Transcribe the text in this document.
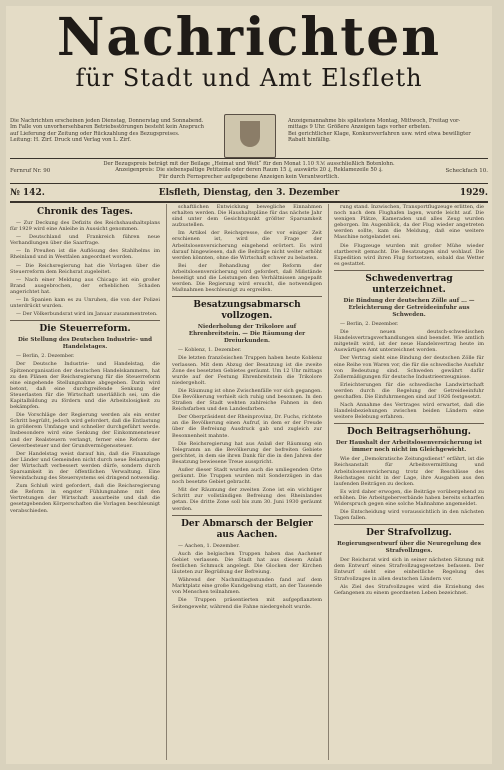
Nachrichten
für Stadt und Amt Elsfleth

Die Nachrichten erscheinen jeden Dienstag, Donnerstag und Sonnabend.

Im Falle von unvorhersehbaren Betriebsstörungen besteht kein Anspruch

auf Lieferung der Zeitung oder Rückzahlung des Bezugspreises.

Leitung: H. Zirf. Druck und Verlag von L. Zirf.

Anzeigenannahme bis spätestens Montag, Mittwoch, Freitag vor-

mittags 9 Uhr. Größere Anzeigen tags vorher erbeten.

Bei gerichtlicher Klage, Konkursverfahren usw. wird etwa bewilligter

Rabatt hinfällig.

Fernruf Nr. 90	Scheckfach 10.

Der Bezugspreis beträgt mit der Beilage „Heimat und Welt“ für den Monat 1.10 ℛℳ ausschließlich Botenlohn.

Anzeigenpreis: Die siebenspaltige Petitzeile oder deren Raum 15 ₰, auswärts 20 ₰, Reklamezeile 50 ₰.

Für durch Fernsprecher aufgegebene Anzeigen kein Verantwortlich.

№ 142.	Elsfleth, Dienstag, den 3. Dezember	1929.
Chronik des Tages.

— Zur Deckung des Defizits des Reichshaushaltsplans für 1929 wird eine Anleihe in Aussicht genommen.

— Deutschland und Frankreich führen neue Verhandlungen über die Saarfrage.

— In Preußen ist die Auflösung des Stahlhelms im Rheinland und in Westfalen angeordnet worden.

— Die Reichsregierung hat die Vorlagen über die Steuerreform dem Reichsrat zugeleitet.

— Nach einer Meldung aus Chicago ist ein großer Brand ausgebrochen, der erheblichen Schaden angerichtet hat.

— In Spanien kam es zu Unruhen, die von der Polizei unterdrückt wurden.

— Der Völkerbundsrat wird im Januar zusammentreten.

Die Steuerreform.
Die Stellung des Deutschen Industrie- und Handelstages.

— Berlin, 2. Dezember.

Der Deutsche Industrie- und Handelstag, die Spitzenorganisation der deutschen Handelskammern, hat zu den Plänen der Reichsregierung für die Steuerreform eine eingehende Stellungnahme abgegeben. Darin wird betont, daß eine durchgreifende Senkung der Steuerlasten für die Wirtschaft unerläßlich sei, um die Kapitalbildung zu fördern und die Arbeitslosigkeit zu bekämpfen.

Die Vorschläge der Regierung werden als ein erster Schritt begrüßt, jedoch wird gefordert, daß die Entlastung in größerem Umfange und schneller durchgeführt werde. Insbesondere wird eine Senkung der Einkommensteuer und der Realsteuern verlangt, ferner eine Reform der Gewerbesteuer und der Grundvermögenssteuer.

Der Handelstag weist darauf hin, daß die Finanzlage der Länder und Gemeinden nicht durch neue Belastungen der Wirtschaft verbessert werden dürfe, sondern durch Sparsamkeit in der öffentlichen Verwaltung. Eine Vereinfachung des Steuersystems sei dringend notwendig.

Zum Schluß wird gefordert, daß die Reichsregierung die Reform in engster Fühlungnahme mit den Vertretungen der Wirtschaft ausarbeite und daß die gesetzgebenden Körperschaften die Vorlagen beschleunigt verabschieden.

schaftlichen Entwicklung bewegliche Einnahmen erhalten werden. Die Haushaltspläne für das nächste Jahr sind unter dem Gesichtspunkt größter Sparsamkeit aufzustellen.

Im Artikel der Reichspresse, der vor einiger Zeit erschienen ist, wird die Frage der Arbeitslosenversicherung eingehend erörtert. Es wird darauf hingewiesen, daß die Beiträge nicht weiter erhöht werden könnten, ohne die Wirtschaft schwer zu belasten.

Bei der Behandlung der Reform der Arbeitslosenversicherung wird gefordert, daß Mißstände beseitigt und die Leistungen den Verhältnissen angepaßt werden. Die Regierung wird ersucht, die notwendigen Maßnahmen beschleunigt zu ergreifen.

Besatzungsabmarsch vollzogen.
Niederholung der Trikolore auf Ehrenbreitstein. — Die Räumung der Dreiurkunden.

— Koblenz, 1. Dezember.

Die letzten französischen Truppen haben heute Koblenz verlassen. Mit dem Abzug der Besatzung ist die zweite Zone des besetzten Gebietes geräumt. Um 12 Uhr mittags wurde auf der Festung Ehrenbreitstein die Trikolore niedergeholt.

Die Räumung ist ohne Zwischenfälle vor sich gegangen. Die Bevölkerung verhielt sich ruhig und besonnen. In den Straßen der Stadt wehten zahlreiche Fahnen in den Reichsfarben und den Landesfarben.

Der Oberpräsident der Rheinprovinz, Dr. Fuchs, richtete an die Bevölkerung einen Aufruf, in dem er der Freude über die Befreiung Ausdruck gab und zugleich zur Besonnenheit mahnte.

Die Reichsregierung hat aus Anlaß der Räumung ein Telegramm an die Bevölkerung der befreiten Gebiete gerichtet, in dem sie ihren Dank für die in den Jahren der Besatzung bewiesene Treue ausspricht.

Außer dieser Stadt wurden auch die umliegenden Orte geräumt. Die Truppen wurden mit Sonderzügen in das noch besetzte Gebiet gebracht.

Mit der Räumung der zweiten Zone ist ein wichtiger Schritt zur vollständigen Befreiung des Rheinlandes getan. Die dritte Zone soll bis zum 30. Juni 1930 geräumt werden.

Der Abmarsch der Belgier aus Aachen.

— Aachen, 1. Dezember.

Auch die belgischen Truppen haben das Aachener Gebiet verlassen. Die Stadt hat aus diesem Anlaß festlichen Schmuck angelegt. Die Glocken der Kirchen läuteten zur Begrüßung der Befreiung.

Während der Nachmittagsstunden fand auf dem Marktplatz eine große Kundgebung statt, an der Tausende von Menschen teilnahmen.

Die Truppen präsentierten mit aufgepflanztem Seitengewehr, während die Fahne niedergeholt wurde.

rung stand. Inzwischen, Transportflugzeuge erlitten, die noch nach dem Flughafen lagen, wurde leicht auf. Die wenigen Plätze, Kameraden und alles Zeug wurden geborgen. Im Augenblick, da der Flug wieder angetreten werden sollte, kam die Meldung, daß eine weitere Maschine notgelandet sei.

Die Flugzeuge wurden mit großer Mühe wieder startbereit gemacht. Die Besatzungen sind wohlauf. Die Expedition wird ihren Flug fortsetzen, sobald das Wetter es gestattet.

Schwedenvertrag unterzeichnet.
Die Bindung der deutschen Zölle auf ... — Erleichterung der Getreideeinfuhr aus Schweden.

— Berlin, 2. Dezember.

Die neuen deutsch-schwedischen Handelsvertragsverhandlungen sind beendet. Wie amtlich mitgeteilt wird, ist der neue Handelsvertrag heute im Auswärtigen Amt unterzeichnet worden.

Der Vertrag sieht eine Bindung der deutschen Zölle für eine Reihe von Waren vor, die für die schwedische Ausfuhr von Bedeutung sind. Schweden gewährt dafür Zollermäßigungen für deutsche Industrieerzeugnisse.

Erleichterungen für die schwedische Landwirtschaft werden durch die Regelung der Getreideeinfuhr geschaffen. Die Einfuhrmengen sind auf 1926 festgesetzt.

Nach Annahme des Vertrages wird erwartet, daß die Handelsbeziehungen zwischen beiden Ländern eine weitere Belebung erfahren.

Doch Beitragserhöhung.
Der Haushalt der Arbeitslosenversicherung ist immer noch nicht im Gleichgewicht.

Wie der „Demokratische Zeitungsdienst“ erfährt, ist die Reichsanstalt für Arbeitsvermittlung und Arbeitslosenversicherung trotz der Beschlüsse des Reichstages nicht in der Lage, ihre Ausgaben aus den laufenden Beiträgen zu decken.

Es wird daher erwogen, die Beiträge vorübergehend zu erhöhen. Die Arbeitgeberverbände haben bereits scharfen Widerspruch gegen eine solche Maßnahme angemeldet.

Die Entscheidung wird voraussichtlich in den nächsten Tagen fallen.

Der Strafvollzug.
Regierungsentwurf über die Neuregelung des Strafvollzuges.

Der Reichsrat wird sich in seiner nächsten Sitzung mit dem Entwurf eines Strafvollzugsgesetzes befassen. Der Entwurf sieht eine einheitliche Regelung des Strafvollzuges in allen deutschen Ländern vor.

Als Ziel des Strafvollzuges wird die Erziehung des Gefangenen zu einem geordneten Leben bezeichnet.
